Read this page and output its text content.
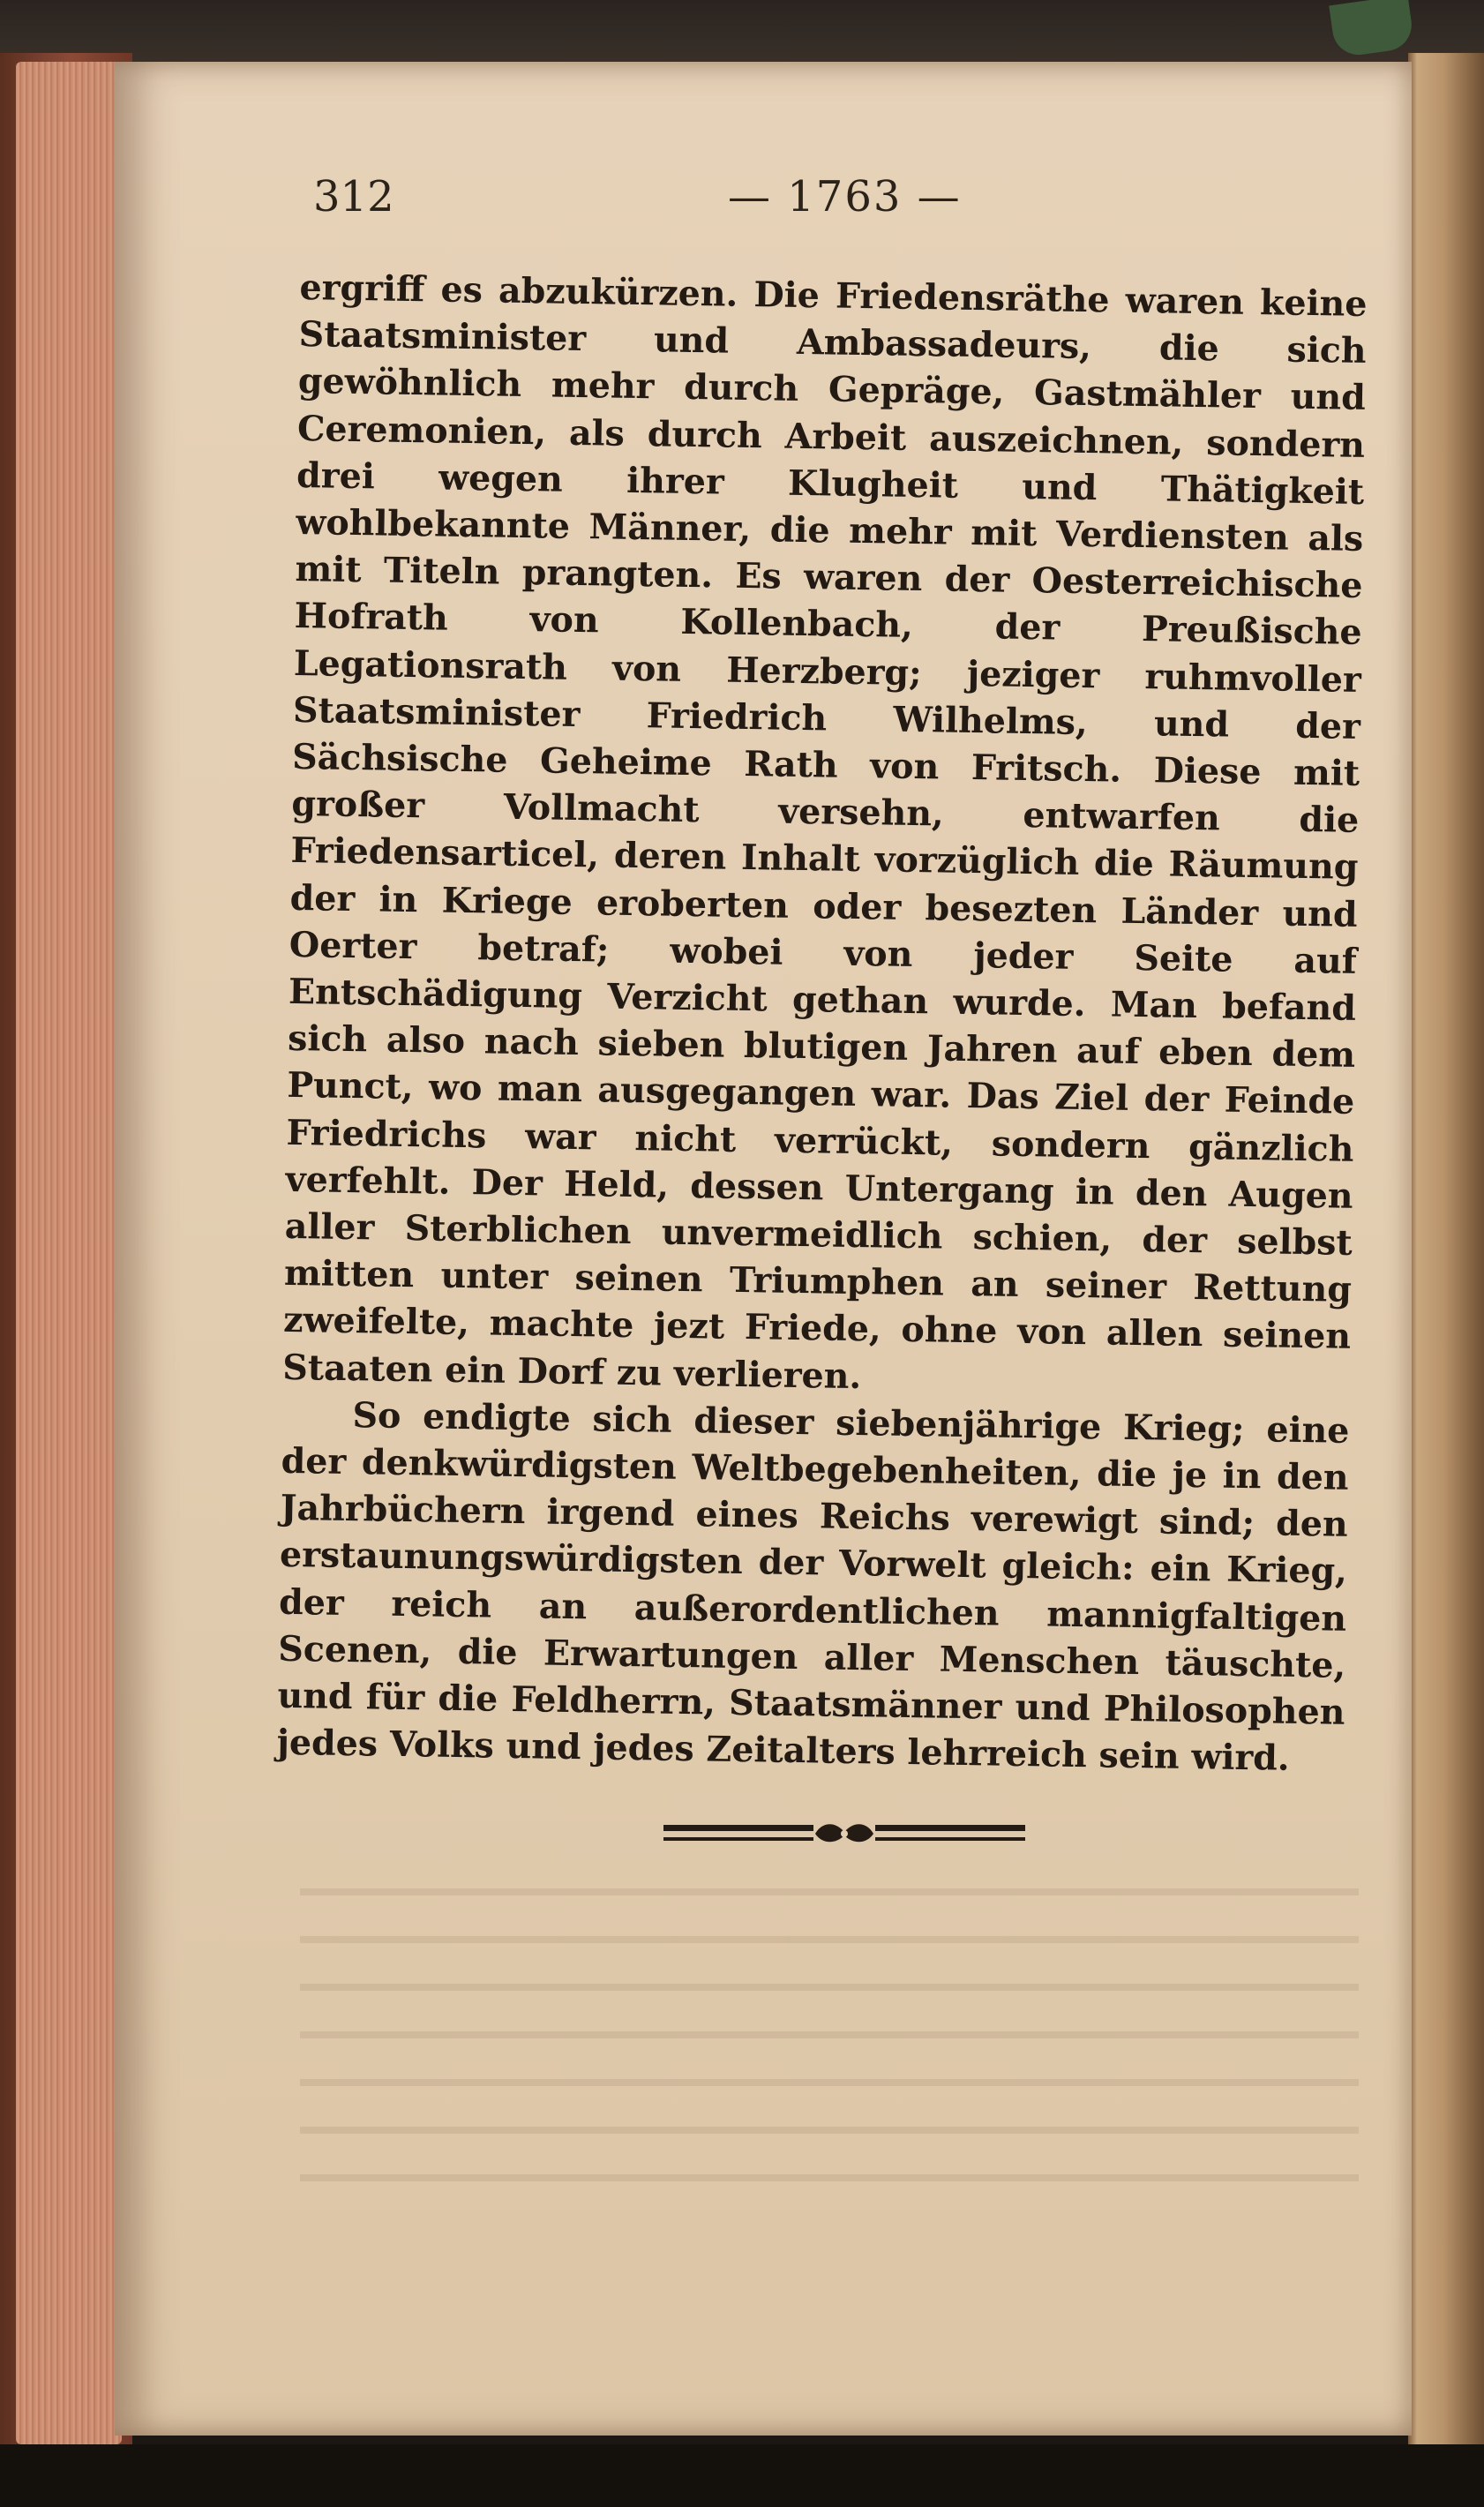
312	— 1763 —

ergriff es abzukürzen. Die Friedensräthe waren keine Staatsminister und Ambassadeurs, die sich gewöhnlich mehr durch Gepräge, Gastmähler und Ceremonien, als durch Arbeit auszeichnen, sondern drei wegen ihrer Klugheit und Thätigkeit wohlbekannte Männer, die mehr mit Verdiensten als mit Titeln prangten. Es waren der Oesterreichische Hofrath von Kollenbach, der Preußische Legationsrath von Herzberg; jeziger ruhmvoller Staatsminister Friedrich Wilhelms, und der Sächsische Geheime Rath von Fritsch. Diese mit großer Vollmacht versehn, entwarfen die Friedensarticel, deren Inhalt vorzüglich die Räumung der in Kriege eroberten oder besezten Länder und Oerter betraf; wobei von jeder Seite auf Entschädigung Verzicht gethan wurde. Man befand sich also nach sieben blutigen Jahren auf eben dem Punct, wo man ausgegangen war. Das Ziel der Feinde Friedrichs war nicht verrückt, sondern gänzlich verfehlt. Der Held, dessen Untergang in den Augen aller Sterblichen unvermeidlich schien, der selbst mitten unter seinen Triumphen an seiner Rettung zweifelte, machte jezt Friede, ohne von allen seinen Staaten ein Dorf zu verlieren.

So endigte sich dieser siebenjährige Krieg; eine der denkwürdigsten Weltbegebenheiten, die je in den Jahrbüchern irgend eines Reichs verewigt sind; den erstaunungswürdigsten der Vorwelt gleich: ein Krieg, der reich an außerordentlichen mannigfaltigen Scenen, die Erwartungen aller Menschen täuschte, und für die Feldherrn, Staatsmänner und Philosophen jedes Volks und jedes Zeitalters lehrreich sein wird.
